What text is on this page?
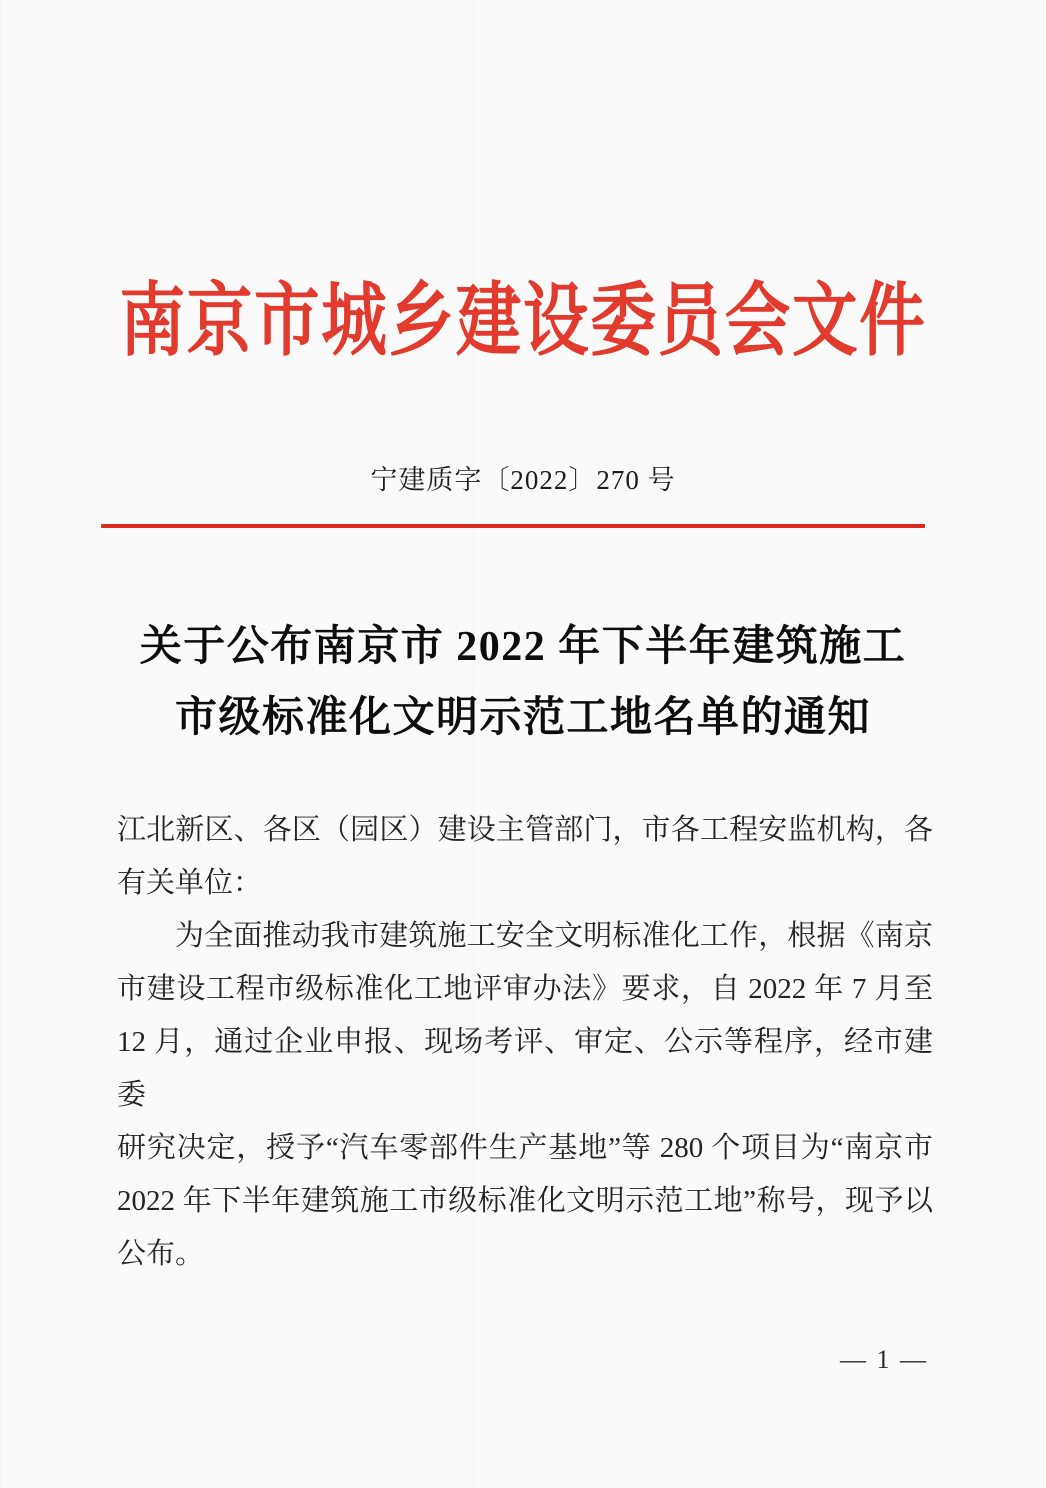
南京市城乡建设委员会文件
宁建质字〔2022〕270 号
关于公布南京市 2022 年下半年建筑施工
市级标准化文明示范工地名单的通知
江北新区、各区（园区）建设主管部门，市各工程安监机构，各
有关单位：
为全面推动我市建筑施工安全文明标准化工作，根据《南京
市建设工程市级标准化工地评审办法》要求，自 2022 年 7 月至
12 月，通过企业申报、现场考评、审定、公示等程序，经市建委
研究决定，授予“汽车零部件生产基地”等 280 个项目为“南京市
2022 年下半年建筑施工市级标准化文明示范工地”称号，现予以
公布。
— 1 —
